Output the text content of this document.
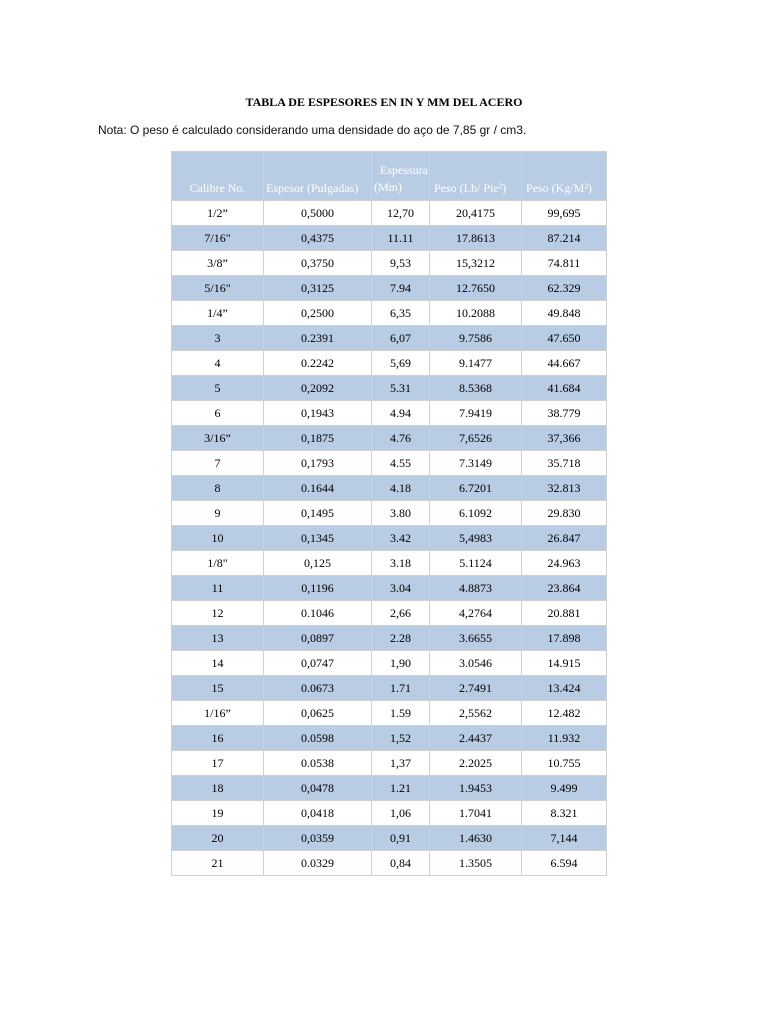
TABLA DE ESPESORES EN IN Y MM DEL ACERO
Nota: O peso é calculado considerando uma densidade do aço de 7,85 gr / cm3.
Calibre No.	Espesor (Pulgadas)	Espessura
(Mm)	Peso (Lb/ Pie²)	Peso (Kg/M²)
1/2”	0,5000	12,70	20,4175	99,695
7/16"	0,4375	11.11	17.8613	87.214
3/8”	0,3750	9,53	15,3212	74.811
5/16"	0,3125	7.94	12.7650	62.329
1/4”	0,2500	6,35	10.2088	49.848
3	0.2391	6,07	9.7586	47.650
4	0.2242	5,69	9.1477	44.667
5	0,2092	5.31	8.5368	41.684
6	0,1943	4.94	7.9419	38.779
3/16”	0,1875	4.76	7,6526	37,366
7	0,1793	4.55	7.3149	35.718
8	0.1644	4.18	6.7201	32.813
9	0,1495	3.80	6.1092	29.830
10	0,1345	3.42	5,4983	26.847
1/8"	0,125	3.18	5.1124	24.963
11	0,1196	3.04	4.8873	23.864
12	0.1046	2,66	4,2764	20.881
13	0,0897	2.28	3.6655	17.898
14	0,0747	1,90	3.0546	14.915
15	0.0673	1.71	2.7491	13.424
1/16”	0,0625	1.59	2,5562	12.482
16	0.0598	1,52	2.4437	11.932
17	0.0538	1,37	2.2025	10.755
18	0,0478	1.21	1.9453	9.499
19	0,0418	1,06	1.7041	8.321
20	0,0359	0,91	1.4630	7,144
21	0.0329	0,84	1.3505	6.594
